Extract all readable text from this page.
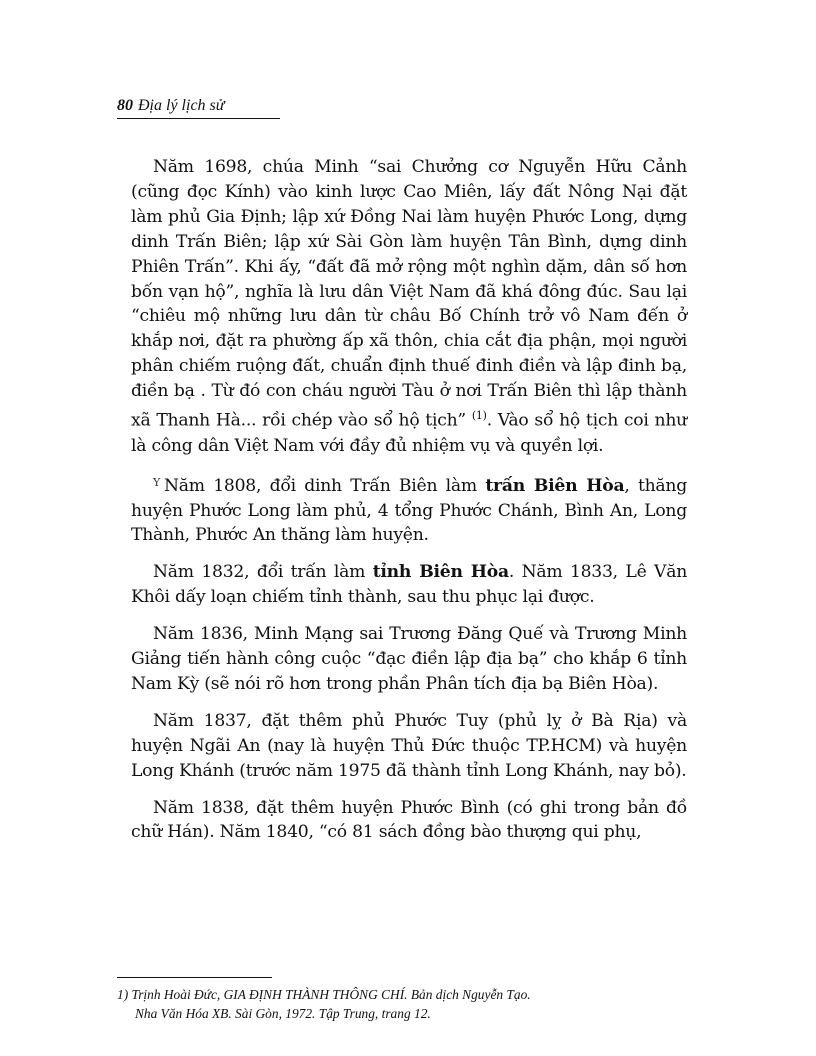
80 Địa lý lịch sử

Năm 1698, chúa Minh “sai Chưởng cơ Nguyễn Hữu Cảnh (cũng đọc Kính) vào kinh lược Cao Miên, lấy đất Nông Nại đặt làm phủ Gia Định; lập xứ Đồng Nai làm huyện Phước Long, dựng dinh Trấn Biên; lập xứ Sài Gòn làm huyện Tân Bình, dựng dinh Phiên Trấn”. Khi ấy, “đất đã mở rộng một nghìn dặm, dân số hơn bốn vạn hộ”, nghĩa là lưu dân Việt Nam đã khá đông đúc. Sau lại “chiêu mộ những lưu dân từ châu Bố Chính trở vô Nam đến ở khắp nơi, đặt ra phường ấp xã thôn, chia cắt địa phận, mọi người phân chiếm ruộng đất, chuẩn định thuế đinh điền và lập đinh bạ, điền bạ . Từ đó con cháu người Tàu ở nơi Trấn Biên thì lập thành xã Thanh Hà... rồi chép vào sổ hộ tịch” $^{(1)}$. Vào sổ hộ tịch coi như là công dân Việt Nam với đầy đủ nhiệm vụ và quyền lợi.

$^Y$ Năm 1808, đổi dinh Trấn Biên làm trấn Biên Hòa, thăng huyện Phước Long làm phủ, 4 tổng Phước Chánh, Bình An, Long Thành, Phước An thăng làm huyện.

Năm 1832, đổi trấn làm tỉnh Biên Hòa. Năm 1833, Lê Văn Khôi dấy loạn chiếm tỉnh thành, sau thu phục lại được.

Năm 1836, Minh Mạng sai Trương Đăng Quế và Trương Minh Giảng tiến hành công cuộc “đạc điền lập địa bạ” cho khắp 6 tỉnh Nam Kỳ (sẽ nói rõ hơn trong phần Phân tích địa bạ Biên Hòa).

Năm 1837, đặt thêm phủ Phước Tuy (phủ lỵ ở Bà Rịa) và huyện Ngãi An (nay là huyện Thủ Đức thuộc TP.HCM) và huyện Long Khánh (trước năm 1975 đã thành tỉnh Long Khánh, nay bỏ).

Năm 1838, đặt thêm huyện Phước Bình (có ghi trong bản đồ chữ Hán). Năm 1840, “có 81 sách đồng bào thượng qui phụ,

1) Trịnh Hoài Đức, GIA ĐỊNH THÀNH THÔNG CHÍ. Bản dịch Nguyễn Tạo.
Nha Văn Hóa XB. Sài Gòn, 1972. Tập Trung, trang 12.
